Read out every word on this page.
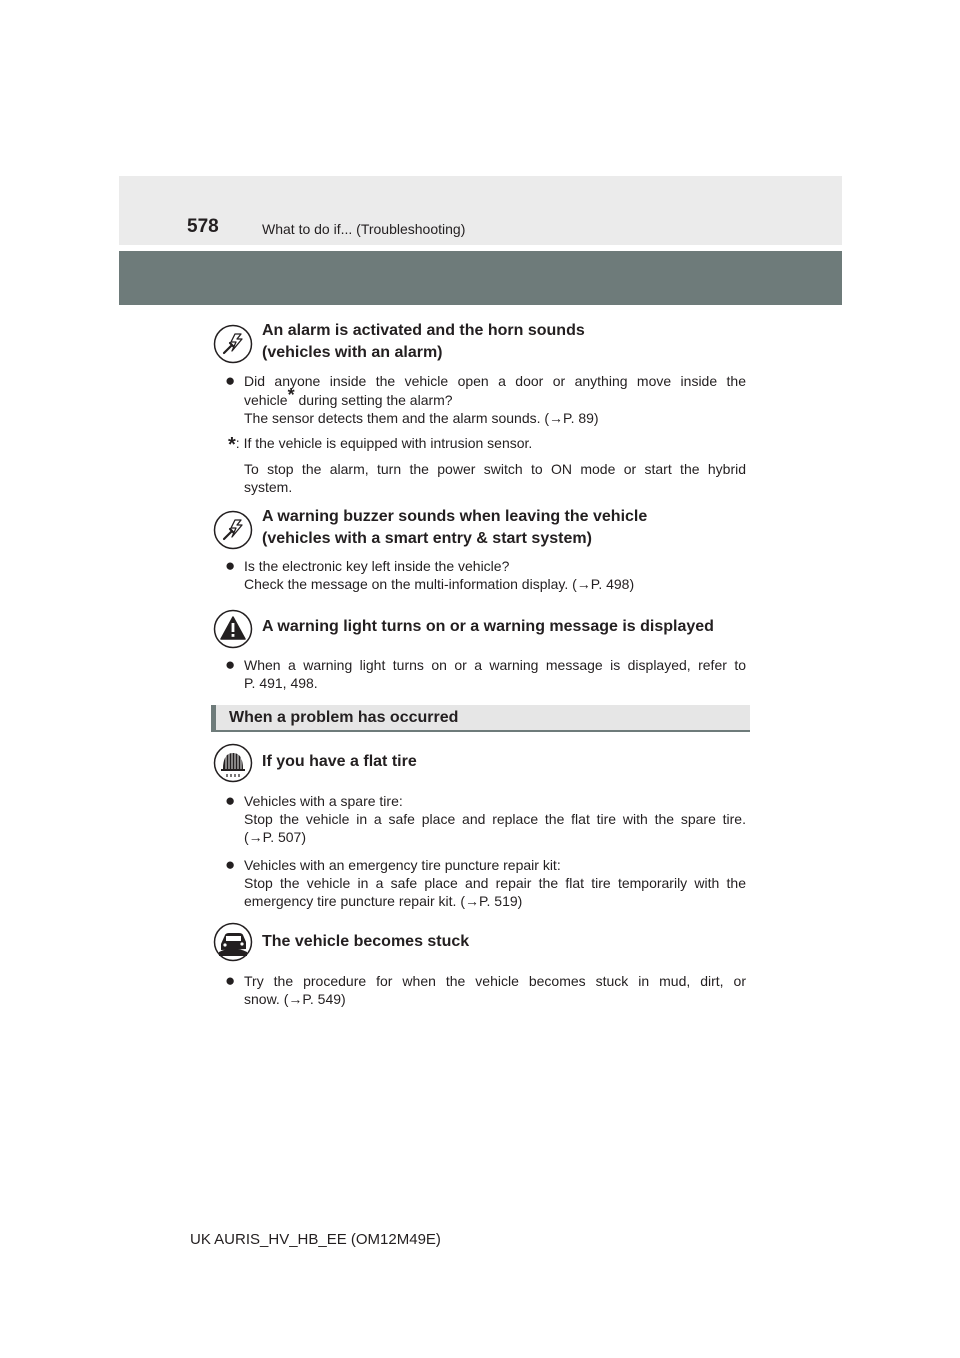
578	What to do if... (Troubleshooting)
An alarm is activated and the horn sounds
(vehicles with an alarm)
● Did anyone inside the vehicle open a door or anything move inside the
vehicle* during setting the alarm?
The sensor detects them and the alarm sounds. (→P. 89)
*: If the vehicle is equipped with intrusion sensor.
To stop the alarm, turn the power switch to ON mode or start the hybrid
system.
A warning buzzer sounds when leaving the vehicle
(vehicles with a smart entry & start system)
● Is the electronic key left inside the vehicle?
Check the message on the multi-information display. (→P. 498)
A warning light turns on or a warning message is displayed
● When a warning light turns on or a warning message is displayed, refer to
P. 491, 498.
When a problem has occurred
If you have a flat tire
● Vehicles with a spare tire:
Stop the vehicle in a safe place and replace the flat tire with the spare tire.
(→P. 507)
● Vehicles with an emergency tire puncture repair kit:
Stop the vehicle in a safe place and repair the flat tire temporarily with the
emergency tire puncture repair kit. (→P. 519)
The vehicle becomes stuck
● Try the procedure for when the vehicle becomes stuck in mud, dirt, or
snow. (→P. 549)
UK AURIS_HV_HB_EE (OM12M49E)
